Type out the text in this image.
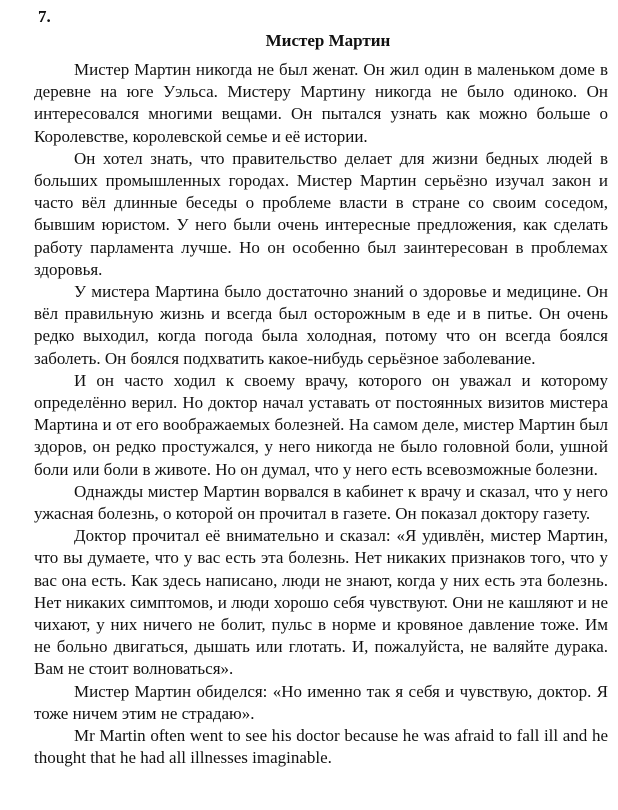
7.
Мистер Мартин

Мистер Мартин никогда не был женат. Он жил один в маленьком доме в деревне на юге Уэльса. Мистеру Мартину никогда не было одиноко. Он интересовался многими вещами. Он пытался узнать как можно больше о Королевстве, королевской семье и её истории.

Он хотел знать, что правительство делает для жизни бедных людей в больших промышленных городах. Мистер Мартин серьёзно изучал закон и часто вёл длинные беседы о проблеме власти в стране со своим соседом, бывшим юристом. У него были очень интересные предложения, как сделать работу парламента лучше. Но он особенно был заинтересован в проблемах здоровья.

У мистера Мартина было достаточно знаний о здоровье и медицине. Он вёл правильную жизнь и всегда был осторожным в еде и в питье. Он очень редко выходил, когда погода была холодная, потому что он всегда боялся заболеть. Он боялся подхватить какое-нибудь серьёзное заболевание.

И он часто ходил к своему врачу, которого он уважал и которому определённо верил. Но доктор начал уставать от постоянных визитов мистера Мартина и от его воображаемых болезней. На самом деле, мистер Мартин был здоров, он редко простужался, у него никогда не было головной боли, ушной боли или боли в животе. Но он думал, что у него есть всевозможные болезни.

Однажды мистер Мартин ворвался в кабинет к врачу и сказал, что у него ужасная болезнь, о которой он прочитал в газете. Он показал доктору газету.

Доктор прочитал её внимательно и сказал: «Я удивлён, мистер Мартин, что вы думаете, что у вас есть эта болезнь. Нет никаких признаков того, что у вас она есть. Как здесь написано, люди не знают, когда у них есть эта болезнь. Нет никаких симптомов, и люди хорошо себя чувствуют. Они не кашляют и не чихают, у них ничего не болит, пульс в норме и кровяное давление тоже. Им не больно двигаться, дышать или глотать. И, пожалуйста, не валяйте дурака. Вам не стоит волноваться».

Мистер Мартин обиделся: «Но именно так я себя и чувствую, доктор. Я тоже ничем этим не страдаю».

Mr Martin often went to see his doctor because he was afraid to fall ill and he thought that he had all illnesses imaginable.
